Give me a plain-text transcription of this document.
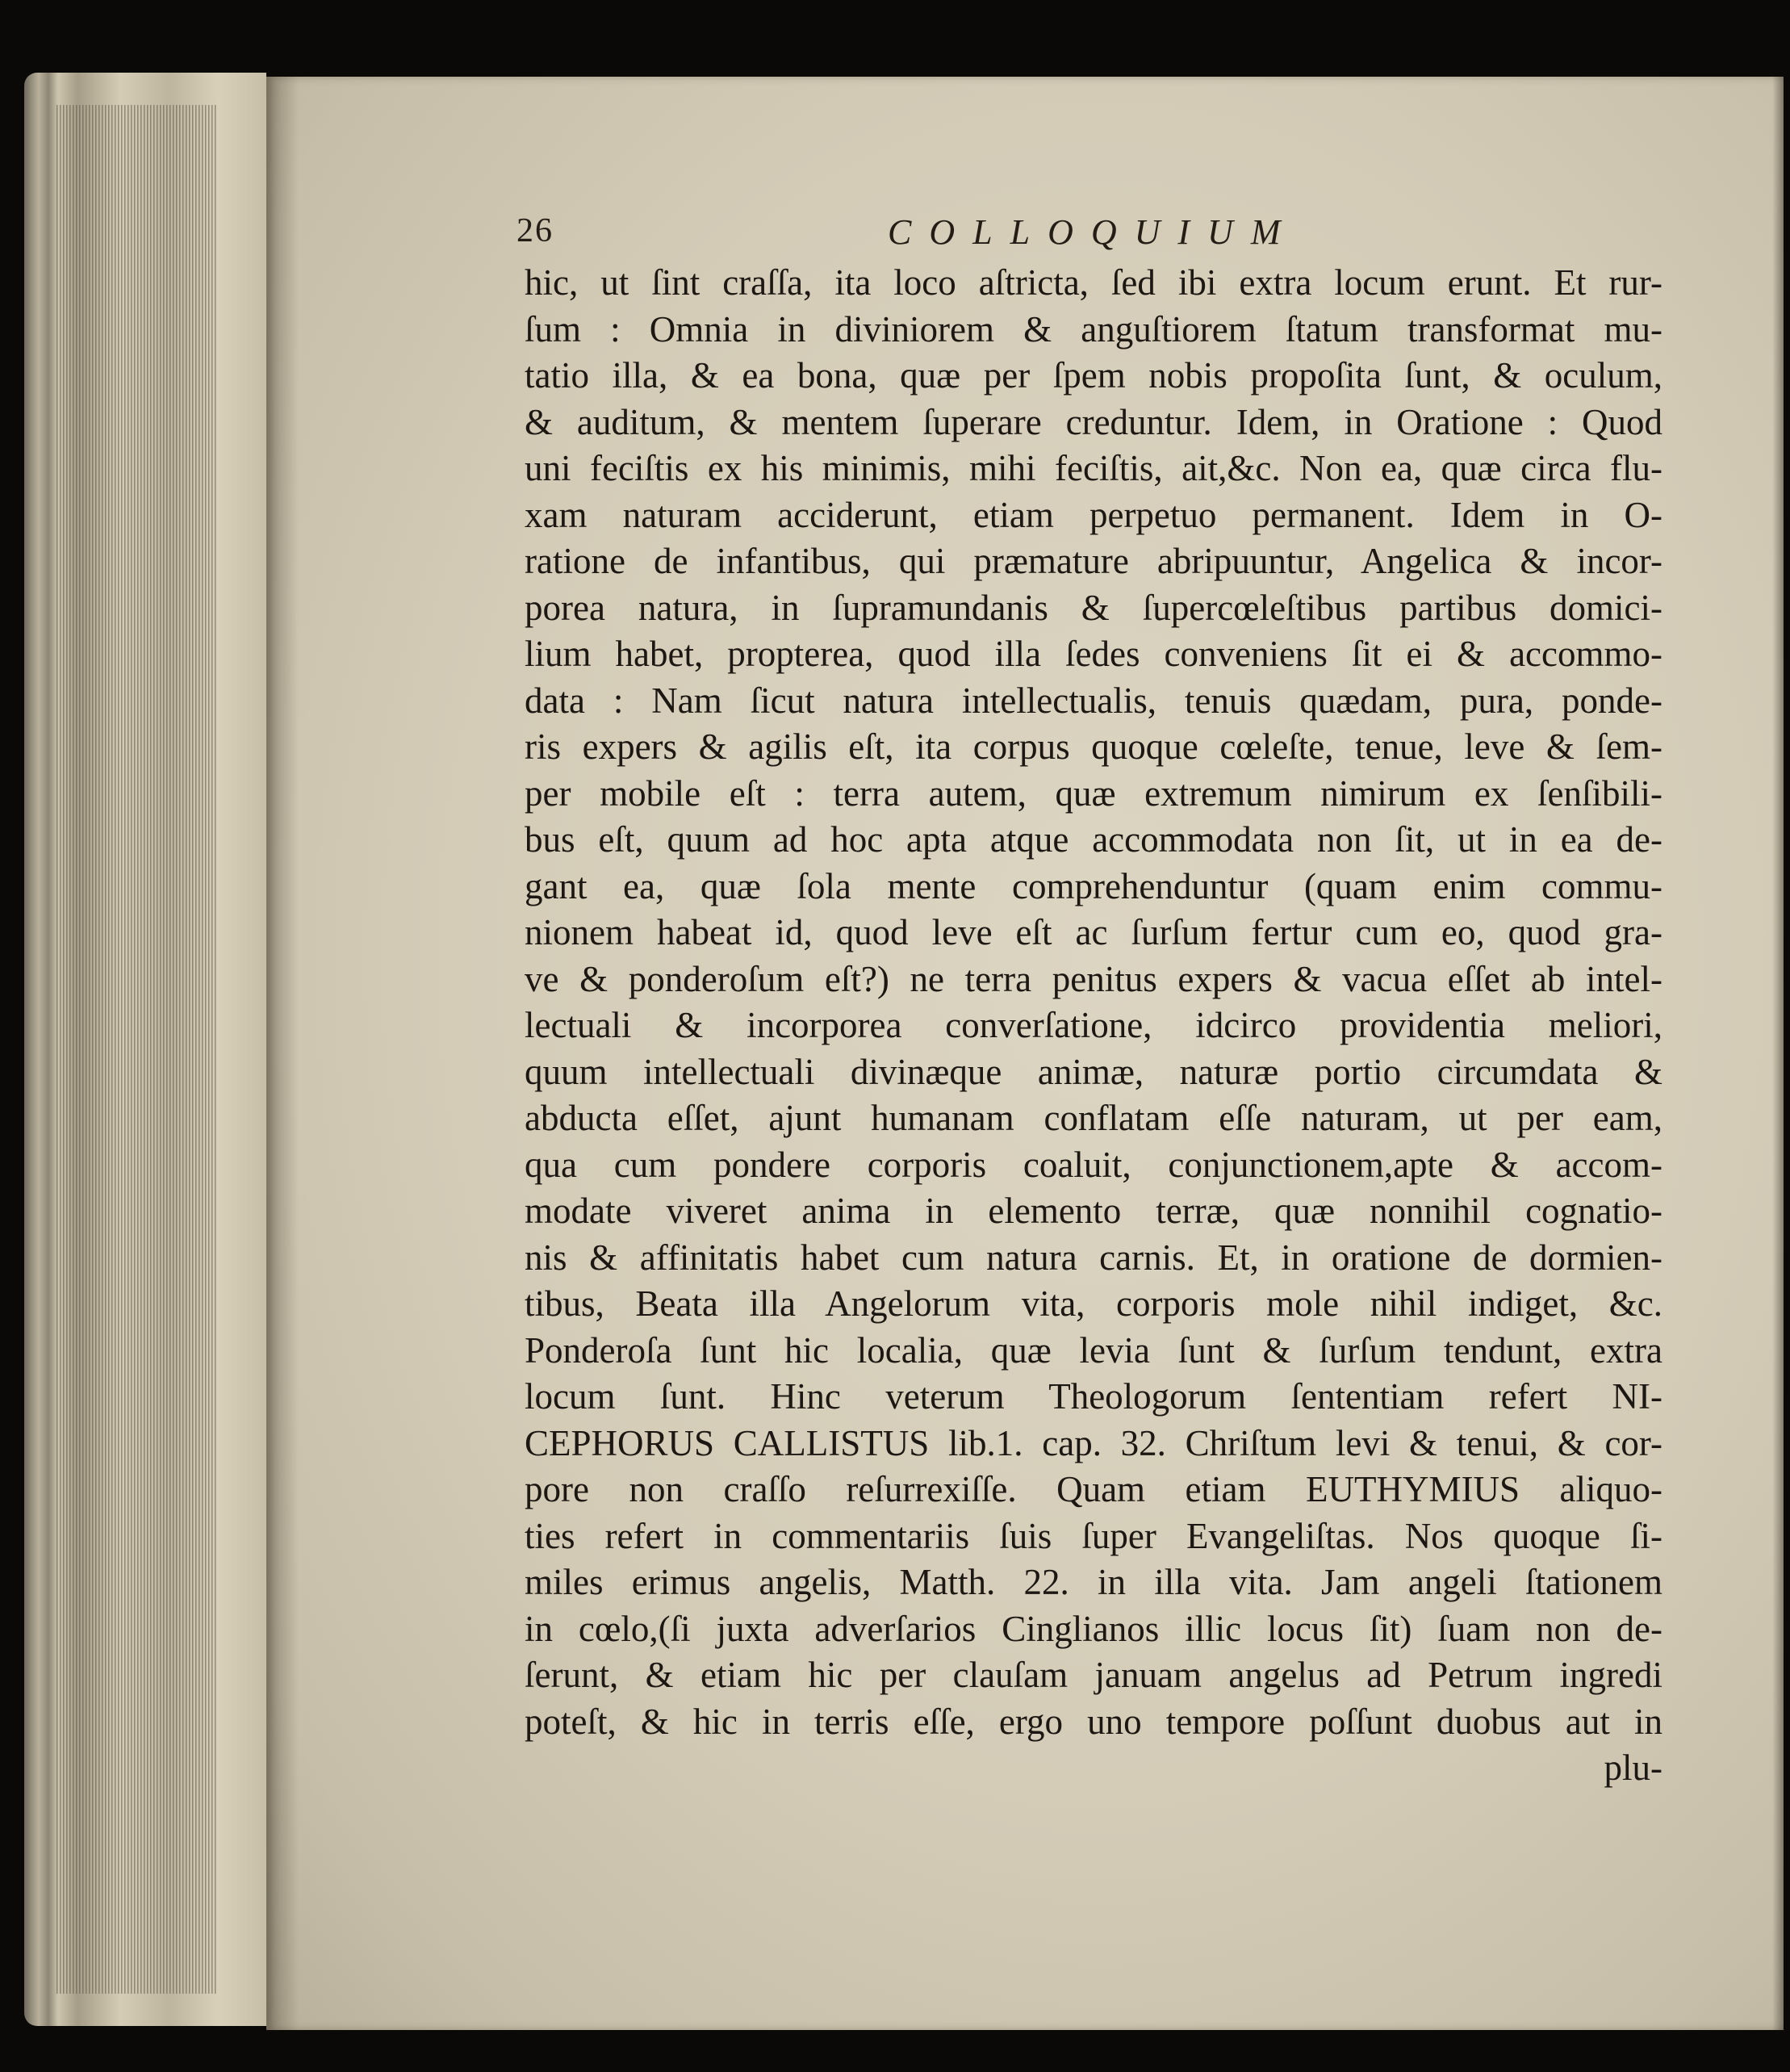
26	COLLOQUIUM
hic, ut ſint craſſa, ita loco aſtricta, ſed ibi extra locum erunt. Et rur-
ſum : Omnia in diviniorem & anguſtiorem ſtatum transformat mu-
tatio illa, & ea bona, quæ per ſpem nobis propoſita ſunt, & oculum,
& auditum, & mentem ſuperare creduntur. Idem, in Oratione : Quod
uni feciſtis ex his minimis, mihi feciſtis, ait,&c. Non ea, quæ circa flu-
xam naturam acciderunt, etiam perpetuo permanent. Idem in O-
ratione de infantibus, qui præmature abripuuntur, Angelica & incor-
porea natura, in ſupramundanis & ſupercœleſtibus partibus domici-
lium habet, propterea, quod illa ſedes conveniens ſit ei & accommo-
data : Nam ſicut natura intellectualis, tenuis quædam, pura, ponde-
ris expers & agilis eſt, ita corpus quoque cœleſte, tenue, leve & ſem-
per mobile eſt : terra autem, quæ extremum nimirum ex ſenſibili-
bus eſt, quum ad hoc apta atque accommodata non ſit, ut in ea de-
gant ea, quæ ſola mente comprehenduntur (quam enim commu-
nionem habeat id, quod leve eſt ac ſurſum fertur cum eo, quod gra-
ve & ponderoſum eſt?) ne terra penitus expers & vacua eſſet ab intel-
lectuali & incorporea converſatione, idcirco providentia meliori,
quum intellectuali divinæque animæ, naturæ portio circumdata &
abducta eſſet, ajunt humanam conflatam eſſe naturam, ut per eam,
qua cum pondere corporis coaluit, conjunctionem,apte & accom-
modate viveret anima in elemento terræ, quæ nonnihil cognatio-
nis & affinitatis habet cum natura carnis. Et, in oratione de dormien-
tibus, Beata illa Angelorum vita, corporis mole nihil indiget, &c.
Ponderoſa ſunt hic localia, quæ levia ſunt & ſurſum tendunt, extra
locum ſunt. Hinc veterum Theologorum ſententiam refert NI-
CEPHORUS CALLISTUS lib.1. cap. 32. Chriſtum levi & tenui, & cor-
pore non craſſo reſurrexiſſe. Quam etiam EUTHYMIUS aliquo-
ties refert in commentariis ſuis ſuper Evangeliſtas. Nos quoque ſi-
miles erimus angelis, Matth. 22. in illa vita. Jam angeli ſtationem
in cœlo,(ſi juxta adverſarios Cinglianos illic locus ſit) ſuam non de-
ſerunt, & etiam hic per clauſam januam angelus ad Petrum ingredi
poteſt, & hic in terris eſſe, ergo uno tempore poſſunt duobus aut in
plu-
